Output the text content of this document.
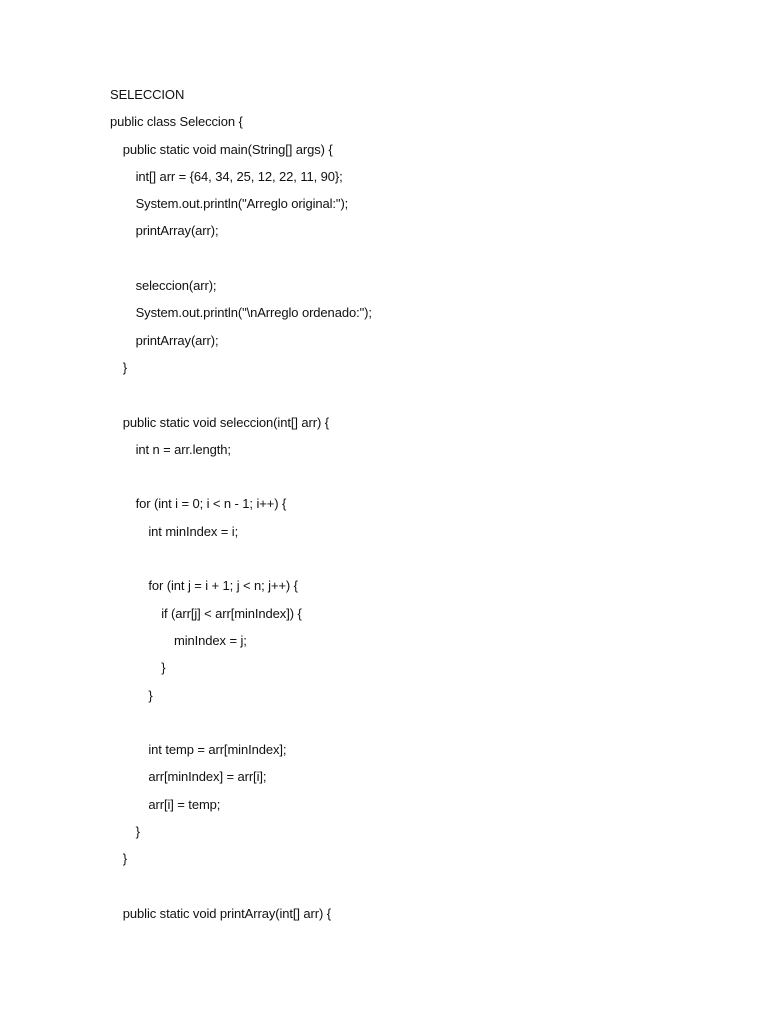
SELECCION
public class Seleccion {
public static void main(String[] args) {
int[] arr = {64, 34, 25, 12, 22, 11, 90};
System.out.println("Arreglo original:");
printArray(arr);
seleccion(arr);
System.out.println("\nArreglo ordenado:");
printArray(arr);
}
public static void seleccion(int[] arr) {
int n = arr.length;
for (int i = 0; i < n - 1; i++) {
int minIndex = i;
for (int j = i + 1; j < n; j++) {
if (arr[j] < arr[minIndex]) {
minIndex = j;
}
}
int temp = arr[minIndex];
arr[minIndex] = arr[i];
arr[i] = temp;
}
}
public static void printArray(int[] arr) {
